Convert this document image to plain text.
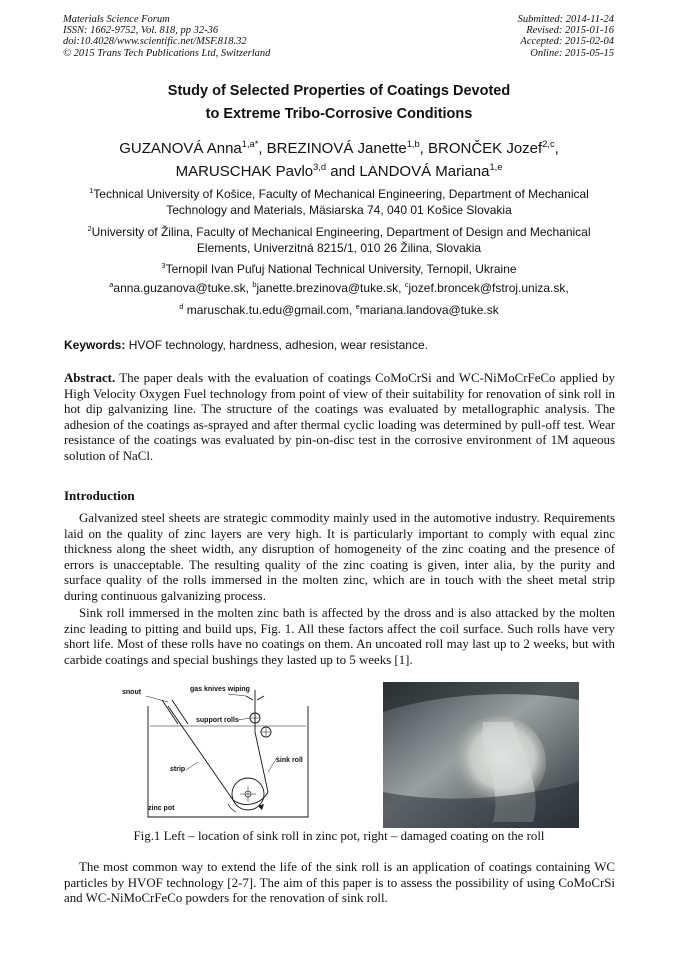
Materials Science Forum
ISSN: 1662-9752, Vol. 818, pp 32-36
doi:10.4028/www.scientific.net/MSF.818.32
© 2015 Trans Tech Publications Ltd, Switzerland
Submitted: 2014-11-24
Revised: 2015-01-16
Accepted: 2015-02-04
Online: 2015-05-15
Study of Selected Properties of Coatings Devoted
to Extreme Tribo-Corrosive Conditions
GUZANOVÁ Anna$^{1,a*}$, BREZINOVÁ Janette$^{1,b}$, BRONČEK Jozef$^{2,c}$,
MARUSCHAK Pavlo$^{3,d}$ and LANDOVÁ Mariana$^{1,e}$
$^1$Technical University of Košice, Faculty of Mechanical Engineering, Department of Mechanical Technology and Materials, Mäsiarska 74, 040 01 Košice Slovakia
$^2$University of Žilina, Faculty of Mechanical Engineering, Department of Design and Mechanical Elements, Univerzitná 8215/1, 010 26 Žilina, Slovakia
$^3$Ternopil Ivan Puľuj National Technical University, Ternopil, Ukraine
$^a$anna.guzanova@tuke.sk, $^b$janette.brezinova@tuke.sk, $^c$jozef.broncek@fstroj.uniza.sk,
$^d$ maruschak.tu.edu@gmail.com, $^e$mariana.landova@tuke.sk
Keywords: HVOF technology, hardness, adhesion, wear resistance.
Abstract. The paper deals with the evaluation of coatings CoMoCrSi and WC-NiMoCrFeCo applied by High Velocity Oxygen Fuel technology from point of view of their suitability for renovation of sink roll in hot dip galvanizing line. The structure of the coatings was evaluated by metallographic analysis. The adhesion of the coatings as-sprayed and after thermal cyclic loading was determined by pull-off test. Wear resistance of the coatings was evaluated by pin-on-disc test in the corrosive environment of 1M aqueous solution of NaCl.
Introduction

Galvanized steel sheets are strategic commodity mainly used in the automotive industry. Requirements laid on the quality of zinc layers are very high. It is particularly important to comply with equal zinc thickness along the sheet width, any disruption of homogeneity of the zinc coating and the presence of errors is unacceptable. The resulting quality of the zinc coating is given, inter alia, by the purity and surface quality of the rolls immersed in the molten zinc, which are in touch with the sheet metal strip during continuous galvanizing process.

Sink roll immersed in the molten zinc bath is affected by the dross and is also attacked by the molten zinc leading to pitting and build ups, Fig. 1. All these factors affect the coil surface. Such rolls have very short life. Most of these rolls have no coatings on them. An uncoated roll may last up to 2 weeks, but with carbide coatings and special bushings they lasted up to 5 weeks [1].

snout	gas knives wiping
support rolls
sink roll
strip
zinc pot
Fig.1 Left – location of sink roll in zinc pot, right – damaged coating on the roll

The most common way to extend the life of the sink roll is an application of coatings containing WC particles by HVOF technology [2-7]. The aim of this paper is to assess the possibility of using CoMoCrSi and WC-NiMoCrFeCo powders for the renovation of sink roll.
